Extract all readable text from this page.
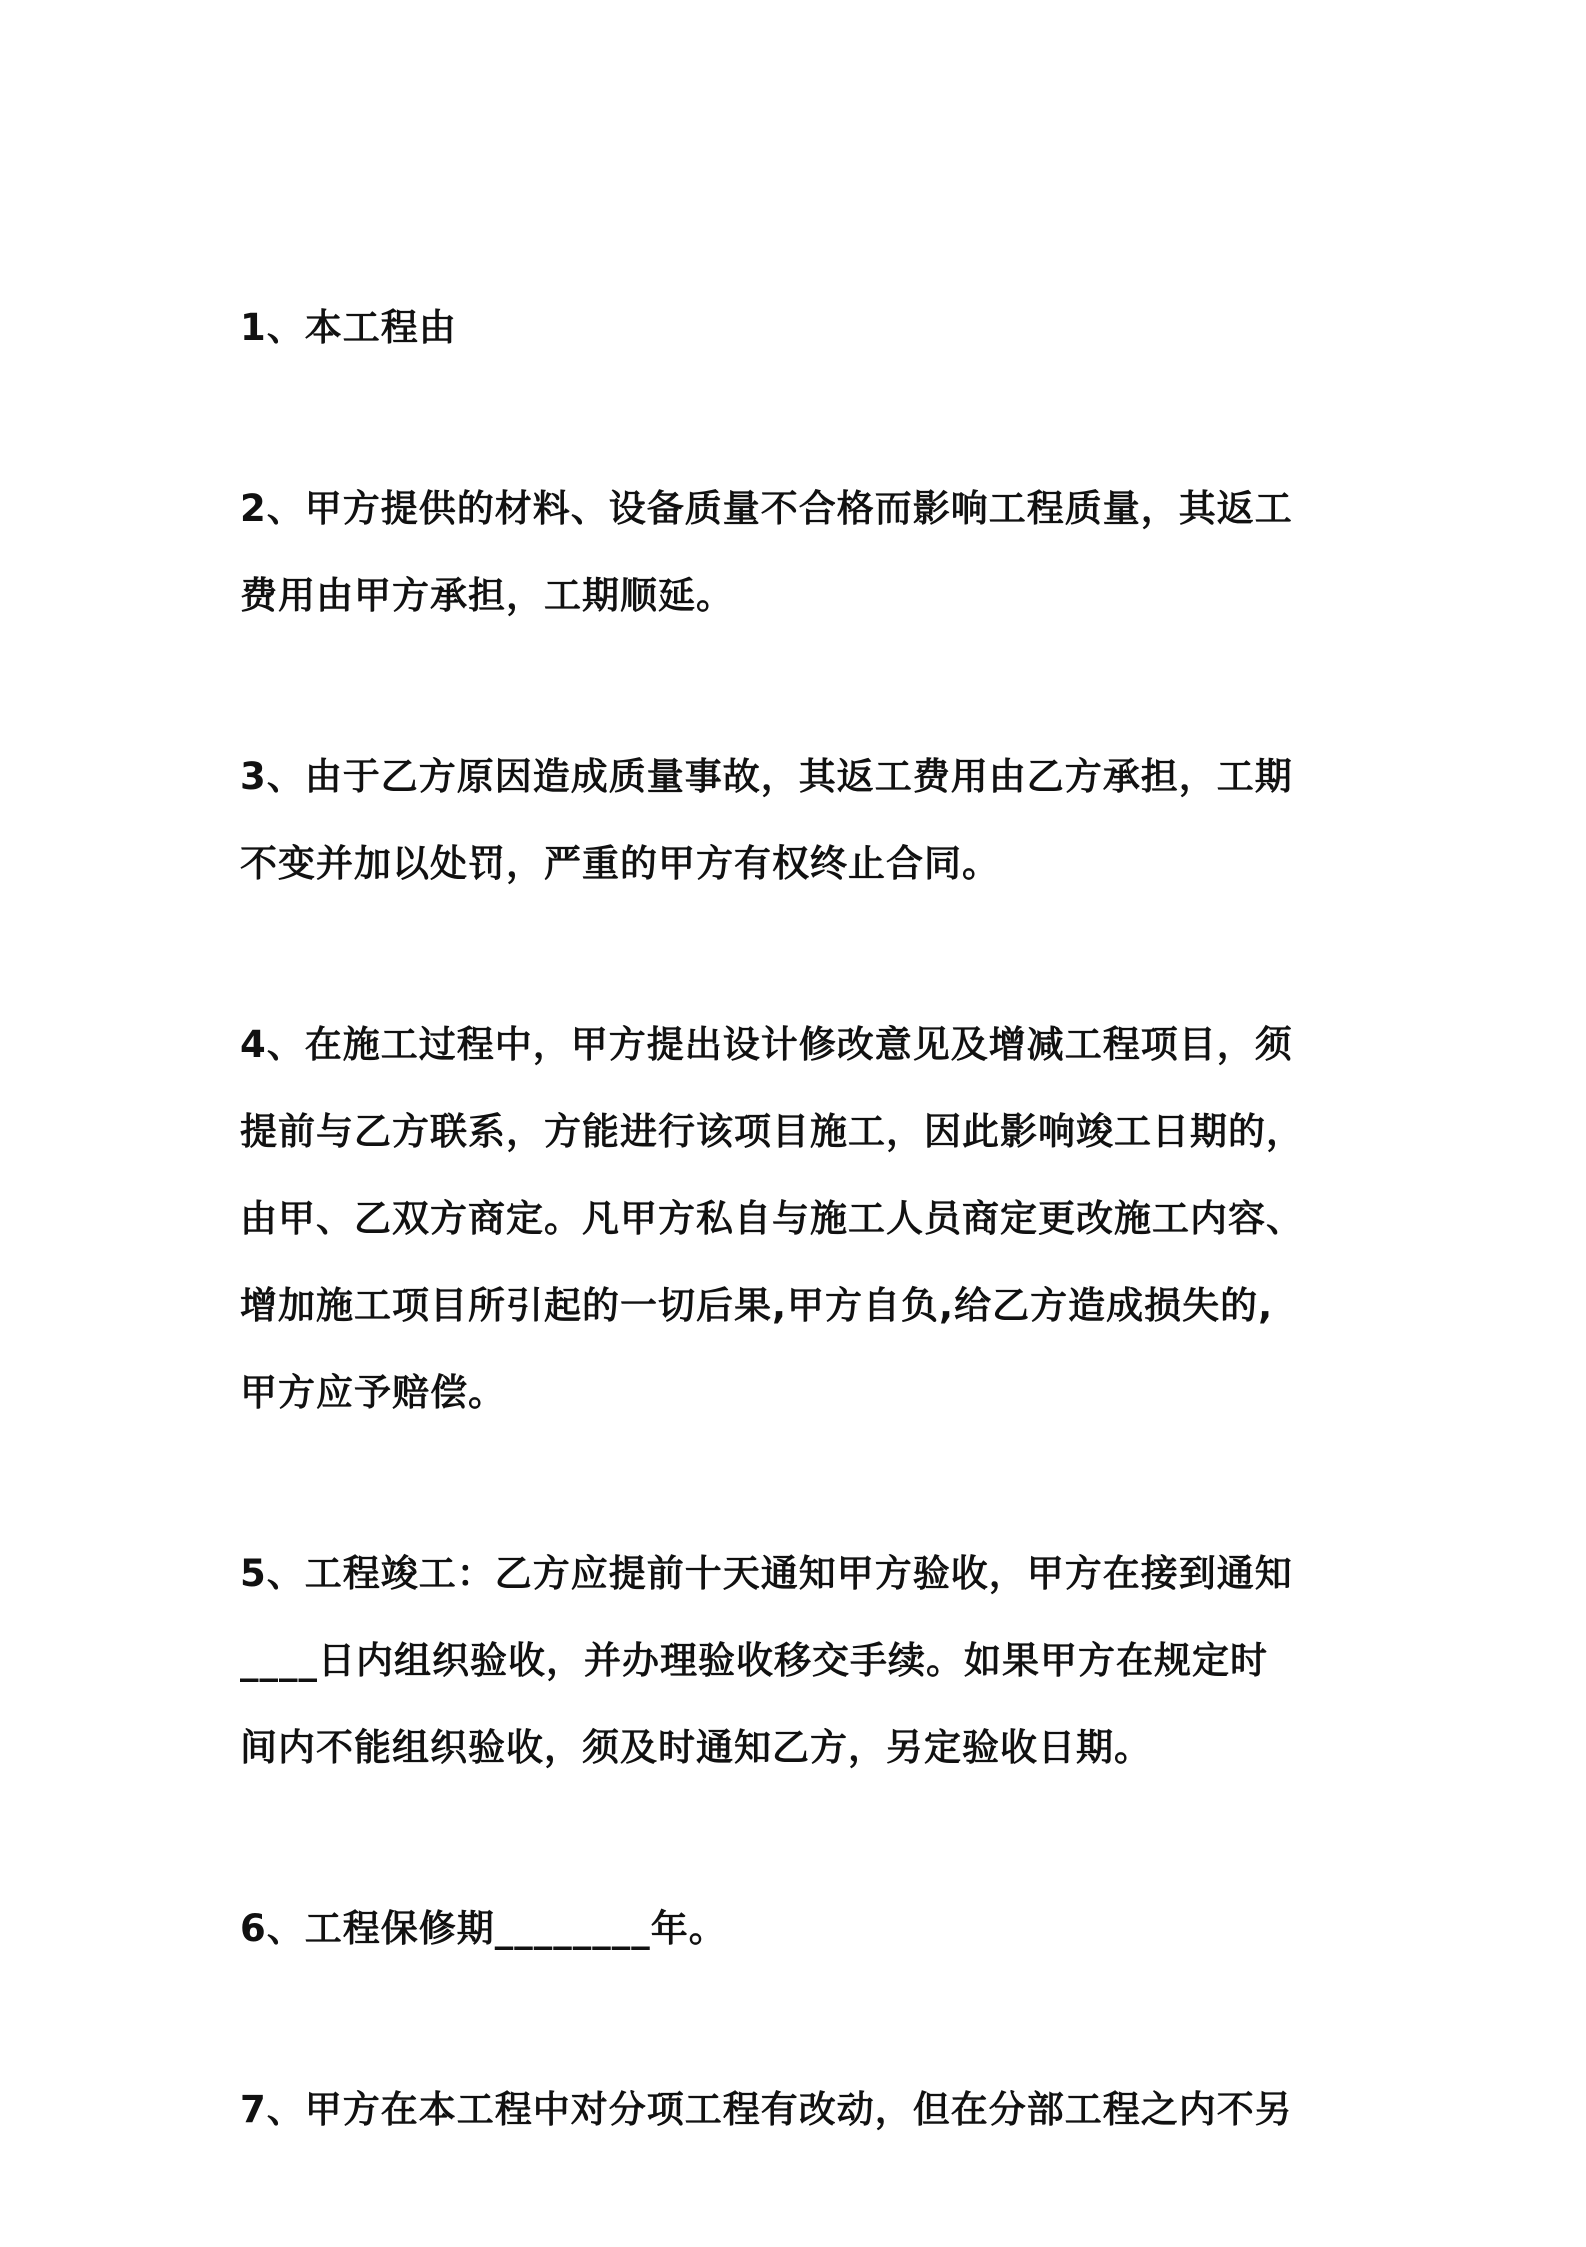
1、本工程由
2、甲方提供的材料、设备质量不合格而影响工程质量，其返工
费用由甲方承担，工期顺延。
3、由于乙方原因造成质量事故，其返工费用由乙方承担，工期
不变并加以处罚，严重的甲方有权终止合同。
4、在施工过程中，甲方提出设计修改意见及增减工程项目，须
提前与乙方联系，方能进行该项目施工，因此影响竣工日期的，
由甲、乙双方商定。凡甲方私自与施工人员商定更改施工内容、
增加施工项目所引起的一切后果,甲方自负,给乙方造成损失的,
甲方应予赔偿。
5、工程竣工：乙方应提前十天通知甲方验收，甲方在接到通知
____日内组织验收，并办理验收移交手续。如果甲方在规定时
间内不能组织验收，须及时通知乙方，另定验收日期。
6、工程保修期________年。
7、甲方在本工程中对分项工程有改动，但在分部工程之内不另
